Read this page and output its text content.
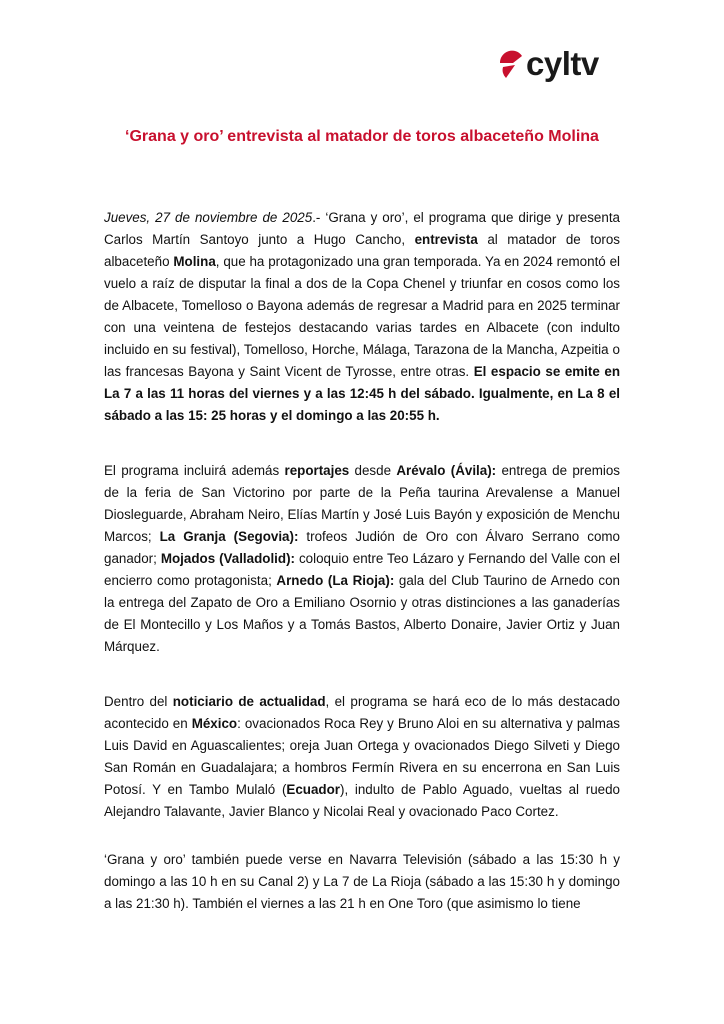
cyltv
‘Grana y oro’ entrevista al matador de toros albaceteño Molina

Jueves, 27 de noviembre de 2025.- ‘Grana y oro’, el programa que dirige y presenta Carlos Martín Santoyo junto a Hugo Cancho, entrevista al matador de toros albaceteño Molina, que ha protagonizado una gran temporada. Ya en 2024 remontó el vuelo a raíz de disputar la final a dos de la Copa Chenel y triunfar en cosos como los de Albacete, Tomelloso o Bayona además de regresar a Madrid para en 2025 terminar con una veintena de festejos destacando varias tardes en Albacete (con indulto incluido en su festival), Tomelloso, Horche, Málaga, Tarazona de la Mancha, Azpeitia o las francesas Bayona y Saint Vicent de Tyrosse, entre otras. El espacio se emite en La 7 a las 11 horas del viernes y a las 12:45 h del sábado. Igualmente, en La 8 el sábado a las 15: 25 horas y el domingo a las 20:55 h.

El programa incluirá además reportajes desde Arévalo (Ávila): entrega de premios de la feria de San Victorino por parte de la Peña taurina Arevalense a Manuel Diosleguarde, Abraham Neiro, Elías Martín y José Luis Bayón y exposición de Menchu Marcos; La Granja (Segovia): trofeos Judión de Oro con Álvaro Serrano como ganador; Mojados (Valladolid): coloquio entre Teo Lázaro y Fernando del Valle con el encierro como protagonista; Arnedo (La Rioja): gala del Club Taurino de Arnedo con la entrega del Zapato de Oro a Emiliano Osornio y otras distinciones a las ganaderías de El Montecillo y Los Maños y a Tomás Bastos, Alberto Donaire, Javier Ortiz y Juan Márquez.

Dentro del noticiario de actualidad, el programa se hará eco de lo más destacado acontecido en México: ovacionados Roca Rey y Bruno Aloi en su alternativa y palmas Luis David en Aguascalientes; oreja Juan Ortega y ovacionados Diego Silveti y Diego San Román en Guadalajara; a hombros Fermín Rivera en su encerrona en San Luis Potosí. Y en Tambo Mulaló (Ecuador), indulto de Pablo Aguado, vueltas al ruedo Alejandro Talavante, Javier Blanco y Nicolai Real y ovacionado Paco Cortez.

‘Grana y oro’ también puede verse en Navarra Televisión (sábado a las 15:30 h y domingo a las 10 h en su Canal 2) y La 7 de La Rioja (sábado a las 15:30 h y domingo a las 21:30 h). También el viernes a las 21 h en One Toro (que asimismo lo tiene
